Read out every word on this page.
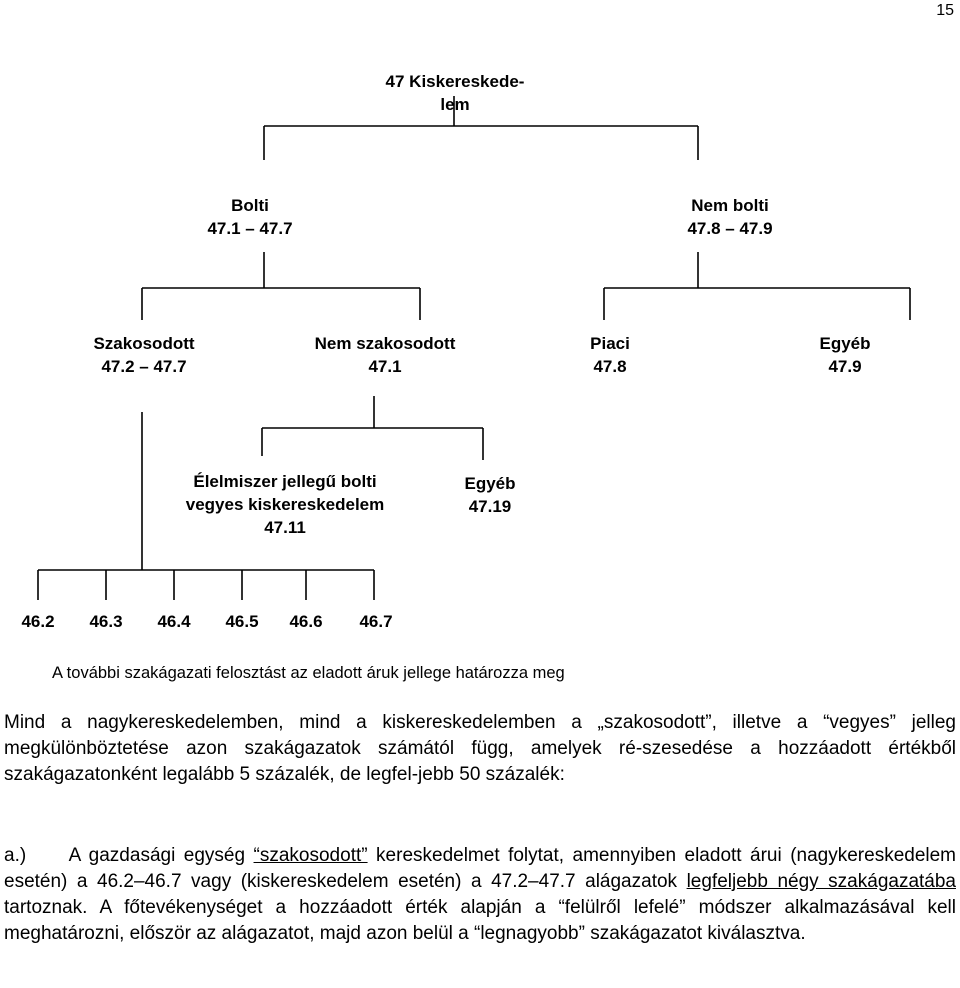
15
47 Kiskereskede-
lem
Bolti
47.1 – 47.7
Nem bolti
47.8 – 47.9
Szakosodott
47.2 – 47.7
Nem szakosodott
47.1
Piaci
47.8
Egyéb
47.9
Élelmiszer jellegű bolti
vegyes kiskereskedelem
47.11
Egyéb
47.19
46.2	46.3	46.4	46.5	46.6	46.7
A további szakágazati felosztást az eladott áruk jellege határozza meg
Mind a nagykereskedelemben, mind a kiskereskedelemben a „szakosodott”, illetve a “vegyes” jelleg megkülönböztetése azon szakágazatok számától függ, amelyek ré-szesedése a hozzáadott értékből szakágazatonként legalább 5 százalék, de legfel-jebb 50 százalék:
a.) A gazdasági egység “szakosodott” kereskedelmet folytat, amennyiben eladott árui (nagykereskedelem esetén) a 46.2–46.7 vagy (kiskereskedelem esetén) a 47.2–47.7 alágazatok legfeljebb négy szakágazatába tartoznak. A főtevékenységet a hozzáadott érték alapján a “felülről lefelé” módszer alkalmazásával kell meghatározni, először az alágazatot, majd azon belül a “legnagyobb” szakágazatot kiválasztva.
